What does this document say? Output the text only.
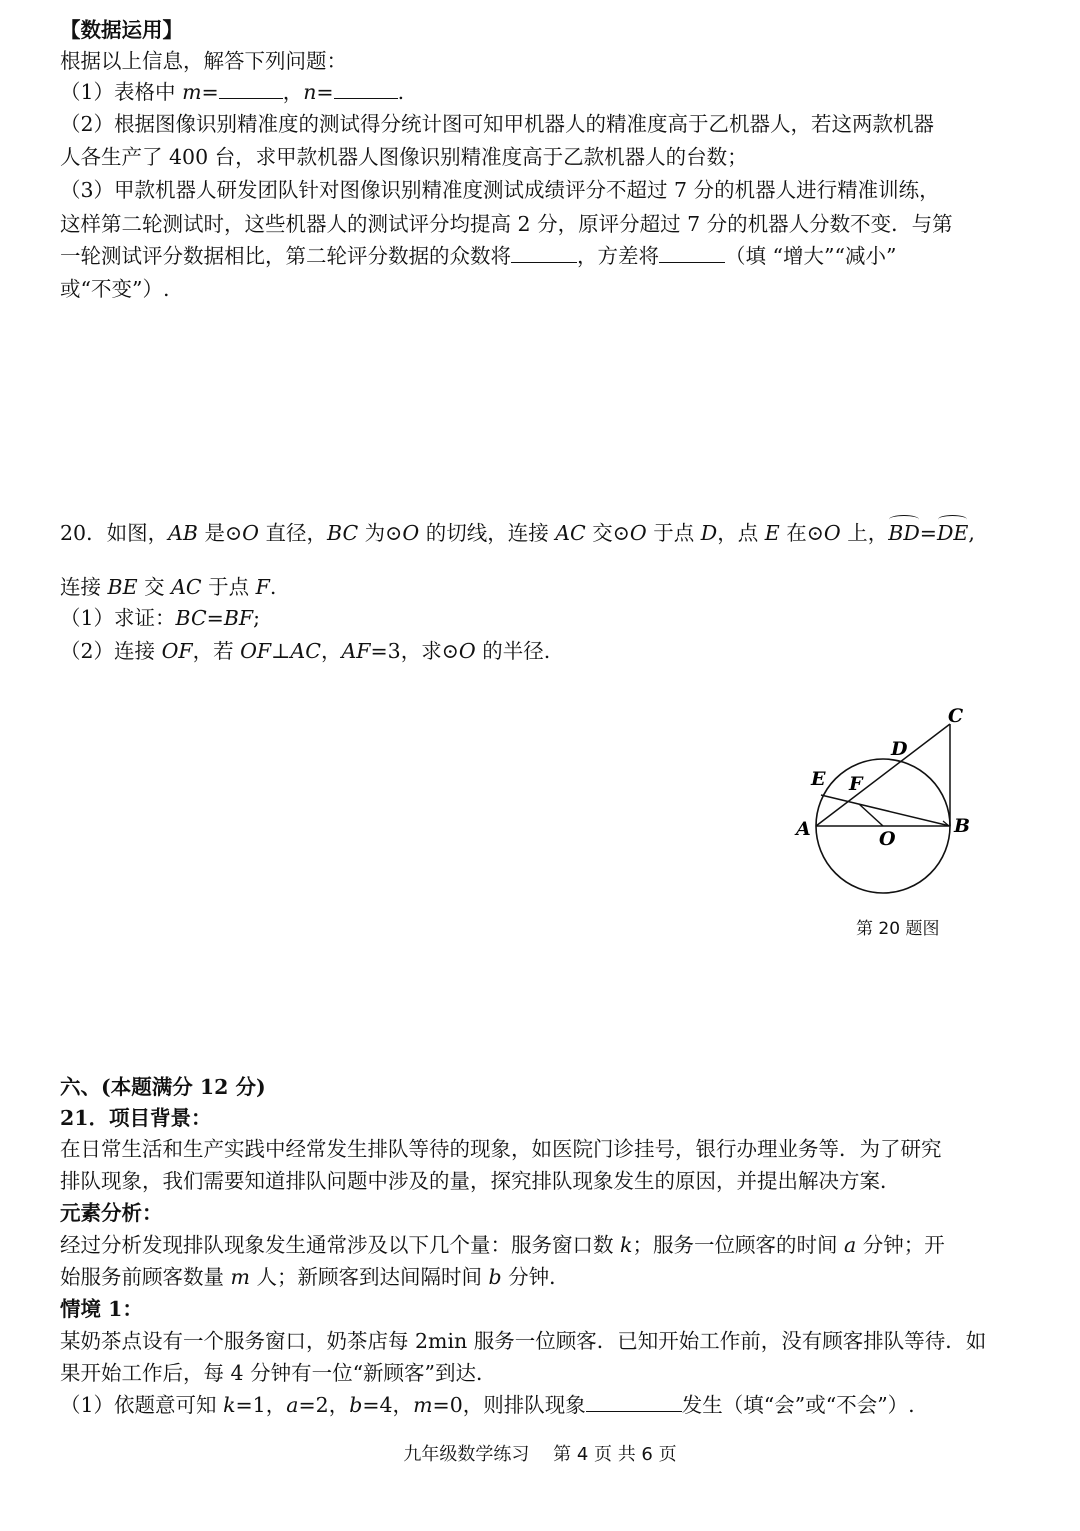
【数据运用】
根据以上信息，解答下列问题：
（1）表格中 m=	，n=	.
（2）根据图像识别精准度的测试得分统计图可知甲机器人的精准度高于乙机器人，若这两款机器
人各生产了 400 台，求甲款机器人图像识别精准度高于乙款机器人的台数；
（3）甲款机器人研发团队针对图像识别精准度测试成绩评分不超过 7 分的机器人进行精准训练，
这样第二轮测试时，这些机器人的测试评分均提高 2 分，原评分超过 7 分的机器人分数不变．与第
一轮测试评分数据相比，第二轮评分数据的众数将	，方差将	（填 “增大”“减小”
或“不变”）.
20．如图，AB 是⊙O 直径，BC 为⊙O 的切线，连接 AC 交⊙O 于点 D，点 E 在⊙O 上，BD=DE,
连接 BE 交 AC 于点 F.
（1）求证：BC=BF;
（2）连接 OF，若 OF⊥AC，AF=3，求⊙O 的半径.
C
D
E F
A	B
O
第 20 题图
六、(本题满分 12 分)
21．项目背景：
在日常生活和生产实践中经常发生排队等待的现象，如医院门诊挂号，银行办理业务等．为了研究
排队现象，我们需要知道排队问题中涉及的量，探究排队现象发生的原因，并提出解决方案．
元素分析：
经过分析发现排队现象发生通常涉及以下几个量：服务窗口数 k；服务一位顾客的时间 a 分钟；开
始服务前顾客数量 m 人；新顾客到达间隔时间 b 分钟．
情境 1：
某奶茶点设有一个服务窗口，奶茶店每 2min 服务一位顾客．已知开始工作前，没有顾客排队等待．如
果开始工作后，每 4 分钟有一位“新顾客”到达．
（1）依题意可知 k=1，a=2，b=4，m=0，则排队现象	发生（填“会”或“不会”）.
九年级数学练习　 第 4 页 共 6 页
